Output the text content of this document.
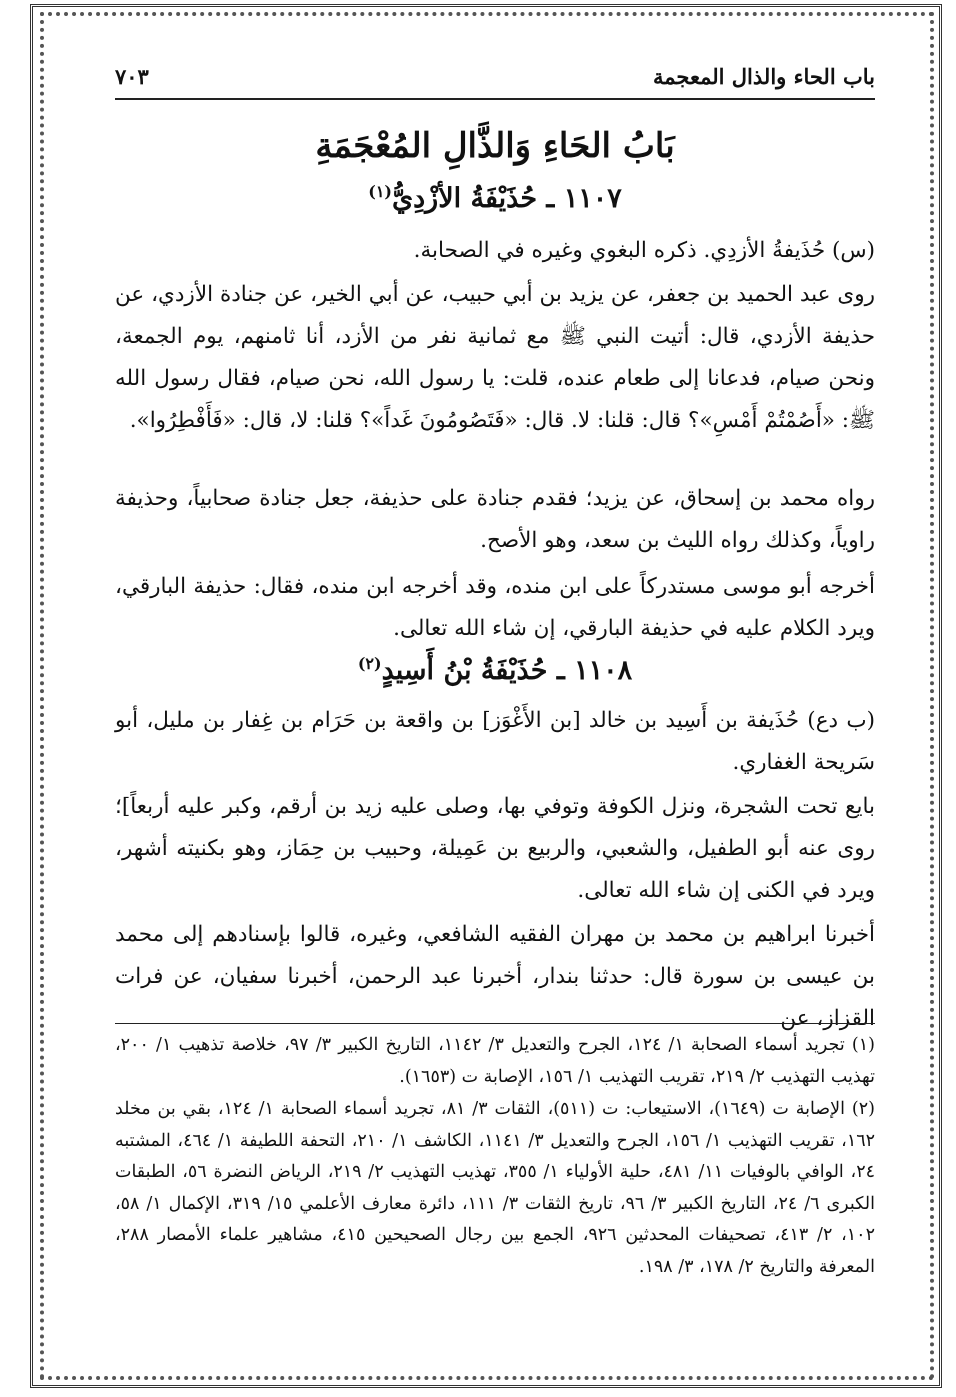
باب الحاء والذال المعجمة
٧٠٣
بَابُ الحَاءِ وَالذَّالِ المُعْجَمَةِ
١١٠٧ ـ حُذَيْفَةُ الأزْدِيُّ$^{(١)}$
(س) حُذَيفةُ الأزدِي. ذكره البغوي وغيره في الصحابة.
روى عبد الحميد بن جعفر، عن يزيد بن أبي حبيب، عن أبي الخير، عن جنادة الأزدي، عن حذيفة الأزدي، قال: أتيت النبي ﷺ مع ثمانية نفر من الأزد، أنا ثامنهم، يوم الجمعة، ونحن صيام، فدعانا إلى طعام عنده، قلت: يا رسول الله، نحن صيام، فقال رسول الله ﷺ: «أَصُمْتُمْ أَمْسِ»؟ قال: قلنا: لا. قال: «فَتَصُومُونَ غَداً»؟ قلنا: لا، قال: «فَأَفْطِرُوا».
رواه محمد بن إسحاق، عن يزيد؛ فقدم جنادة على حذيفة، جعل جنادة صحابياً، وحذيفة راوياً، وكذلك رواه الليث بن سعد، وهو الأصح.
أخرجه أبو موسى مستدركاً على ابن منده، وقد أخرجه ابن منده، فقال: حذيفة البارقي، ويرد الكلام عليه في حذيفة البارقي، إن شاء الله تعالى.
١١٠٨ ـ حُذَيْفَةُ بْنُ أَسِيدٍ$^{(٢)}$
(ب دع) حُذَيفة بن أَسِيد بن خالد [بن الأَغْوَز] بن واقعة بن حَرَام بن غِفار بن مليل، أبو سَريحة الغفاري.
بايع تحت الشجرة، ونزل الكوفة وتوفي بها، وصلى عليه زيد بن أرقم، وكبر عليه أربعاً]؛ روى عنه أبو الطفيل، والشعبي، والربيع بن عَمِيلة، وحبيب بن حِمَاز، وهو بكنيته أشهر، ويرد في الكنى إن شاء الله تعالى.
أخبرنا ابراهيم بن محمد بن مهران الفقيه الشافعي، وغيره، قالوا بإسنادهم إلى محمد بن عيسى بن سورة قال: حدثنا بندار، أخبرنا عبد الرحمن، أخبرنا سفيان، عن فرات القزاز، عن
(١) تجريد أسماء الصحابة ١/ ١٢٤، الجرح والتعديل ٣/ ١١٤٢، التاريخ الكبير ٣/ ٩٧، خلاصة تذهيب ١/ ٢٠٠، تهذيب التهذيب ٢/ ٢١٩، تقريب التهذيب ١/ ١٥٦، الإصابة ت (١٦٥٣).
(٢) الإصابة ت (١٦٤٩)، الاستيعاب: ت (٥١١)، الثقات ٣/ ٨١، تجريد أسماء الصحابة ١/ ١٢٤، بقي بن مخلد ١٦٢، تقريب التهذيب ١/ ١٥٦، الجرح والتعديل ٣/ ١١٤١، الكاشف ١/ ٢١٠، التحفة اللطيفة ١/ ٤٦٤، المشتبه ٢٤، الوافي بالوفيات ١١/ ٤٨١، حلية الأولياء ١/ ٣٥٥، تهذيب التهذيب ٢/ ٢١٩، الرياض النضرة ٥٦، الطبقات الكبرى ٦/ ٢٤، التاريخ الكبير ٣/ ٩٦، تاريخ الثقات ٣/ ١١١، دائرة معارف الأعلمي ١٥/ ٣١٩، الإكمال ١/ ٥٨، ١٠٢، ٢/ ٤١٣، تصحيفات المحدثين ٩٢٦، الجمع بين رجال الصحيحين ٤١٥، مشاهير علماء الأمصار ٢٨٨، المعرفة والتاريخ ٢/ ١٧٨، ٣/ ١٩٨.
